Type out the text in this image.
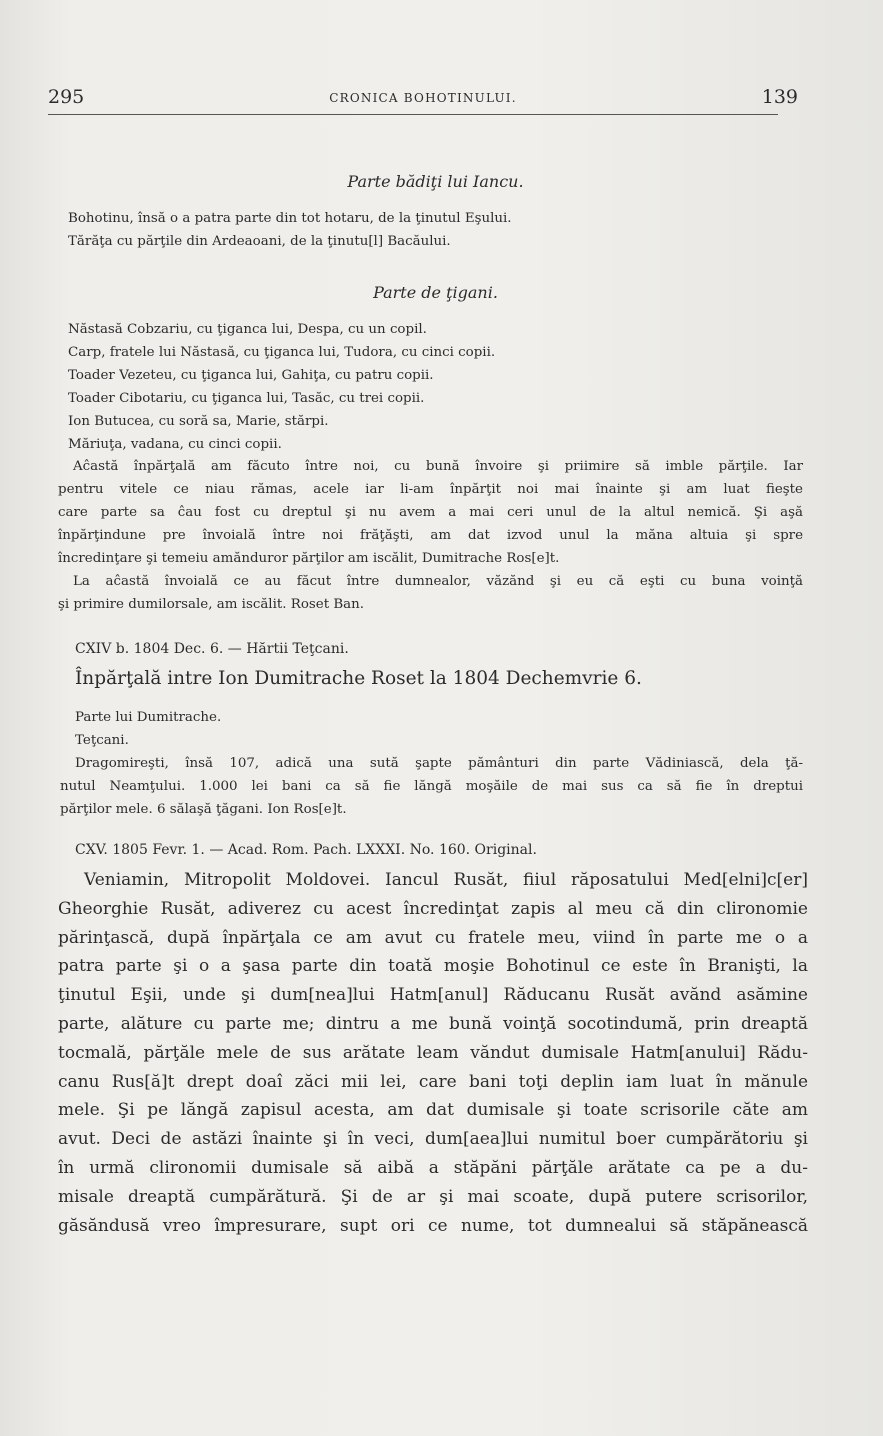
295	CRONICA BOHOTINULUI.	139
Parte bădiţi lui Iancu.
Bohotinu, însă o a patra parte din tot hotaru, de la ţinutul Eşului.
Tărăţa cu părţile din Ardeaoani, de la ţinutu[l] Bacăului.
Parte de ţigani.
Năstasă Cobzariu, cu ţiganca lui, Despa, cu un copil.
Carp, fratele lui Năstasă, cu ţiganca lui, Tudora, cu cinci copii.
Toader Vezeteu, cu ţiganca lui, Gahiţa, cu patru copii.
Toader Cibotariu, cu ţiganca lui, Tasăc, cu trei copii.
Ion Butucea, cu soră sa, Marie, stărpi.
Măriuţa, vadana, cu cinci copii.
Aĉastă înpărţală am făcuto între noi, cu bună învoire şi priimire să imble părţile. Iar
pentru vitele ce niau rămas, acele iar li-am înpărţit noi mai înainte şi am luat fieşte
care parte sa ĉau fost cu dreptul şi nu avem a mai ceri unul de la altul nemică. Şi aşă
înpărţindune pre învoială între noi frăţăşti, am dat izvod unul la măna altuia şi spre
încredinţare şi temeiu amănduror părţilor am iscălit, Dumitrache Ros[e]t.
La aĉastă învoială ce au făcut între dumnealor, văzănd şi eu că eşti cu buna voinţă
şi primire dumilorsale, am iscălit. Roset Ban.
CXIV b. 1804 Dec. 6. — Hărtii Teţcani.
Înpărţală intre Ion Dumitrache Roset la 1804 Dechemvrie 6.
Parte lui Dumitrache.
Teţcani.
Dragomireşti, însă 107, adică una sută şapte pământuri din parte Vădiniască, dela ţă-
nutul Neamţului. 1.000 lei bani ca să fie lăngă moşăile de mai sus ca să fie în dreptui
părţilor mele. 6 sălaşă ţăgani. Ion Ros[e]t.
CXV. 1805 Fevr. 1. — Acad. Rom. Pach. LXXXI. No. 160. Original.
Veniamin, Mitropolit Moldovei. Iancul Rusăt, fiiul răposatului Med[elni]c[er]
Gheorghie Rusăt, adiverez cu acest încredinţat zapis al meu că din clironomie
părinţască, după înpărţala ce am avut cu fratele meu, viind în parte me o a
patra parte şi o a şasa parte din toată moşie Bohotinul ce este în Branişti, la
ţinutul Eşii, unde şi dum[nea]lui Hatm[anul] Răducanu Rusăt avănd asămine
parte, alăture cu parte me; dintru a me bună voinţă socotindumă, prin dreaptă
tocmală, părţăle mele de sus arătate leam văndut dumisale Hatm[anului] Rădu-
canu Rus[ă]t drept doaî zăci mii lei, care bani toţi deplin iam luat în mănule
mele. Şi pe lăngă zapisul acesta, am dat dumisale şi toate scrisorile căte am
avut. Deci de astăzi înainte şi în veci, dum[aea]lui numitul boer cumpărătoriu şi
în urmă clironomii dumisale să aibă a stăpăni părţăle arătate ca pe a du-
misale dreaptă cumpărătură. Şi de ar şi mai scoate, după putere scrisorilor,
găsăndusă vreo împresurare, supt ori ce nume, tot dumnealui să stăpănească
